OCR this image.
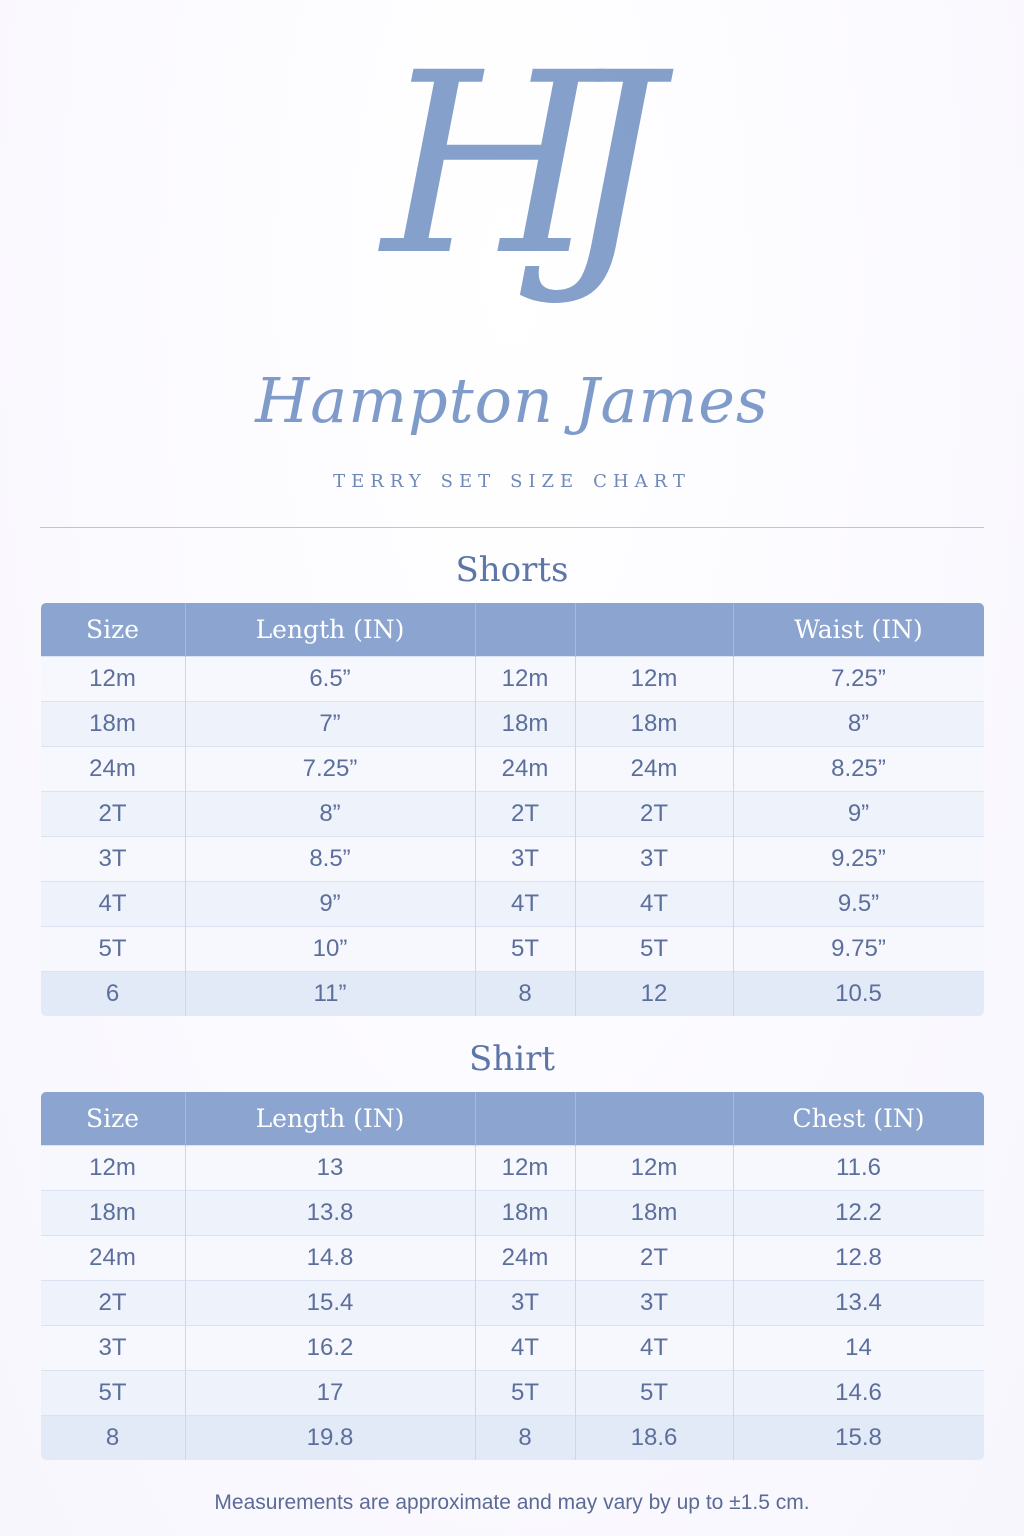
HJ
Hampton James
terry set size chart
Shorts
Size	Length (IN)			Waist (IN)
12m	6.5”	12m	12m	7.25”
18m	7”	18m	18m	8”
24m	7.25”	24m	24m	8.25”
2T	8”	2T	2T	9”
3T	8.5”	3T	3T	9.25”
4T	9”	4T	4T	9.5”
5T	10”	5T	5T	9.75”
6	11”	8	12	10.5
Shirt
Size	Length (IN)			Chest (IN)
12m	13	12m	12m	11.6
18m	13.8	18m	18m	12.2
24m	14.8	24m	2T	12.8
2T	15.4	3T	3T	13.4
3T	16.2	4T	4T	14
5T	17	5T	5T	14.6
8	19.8	8	18.6	15.8
Measurements are approximate and may vary by up to ±1.5 cm.
